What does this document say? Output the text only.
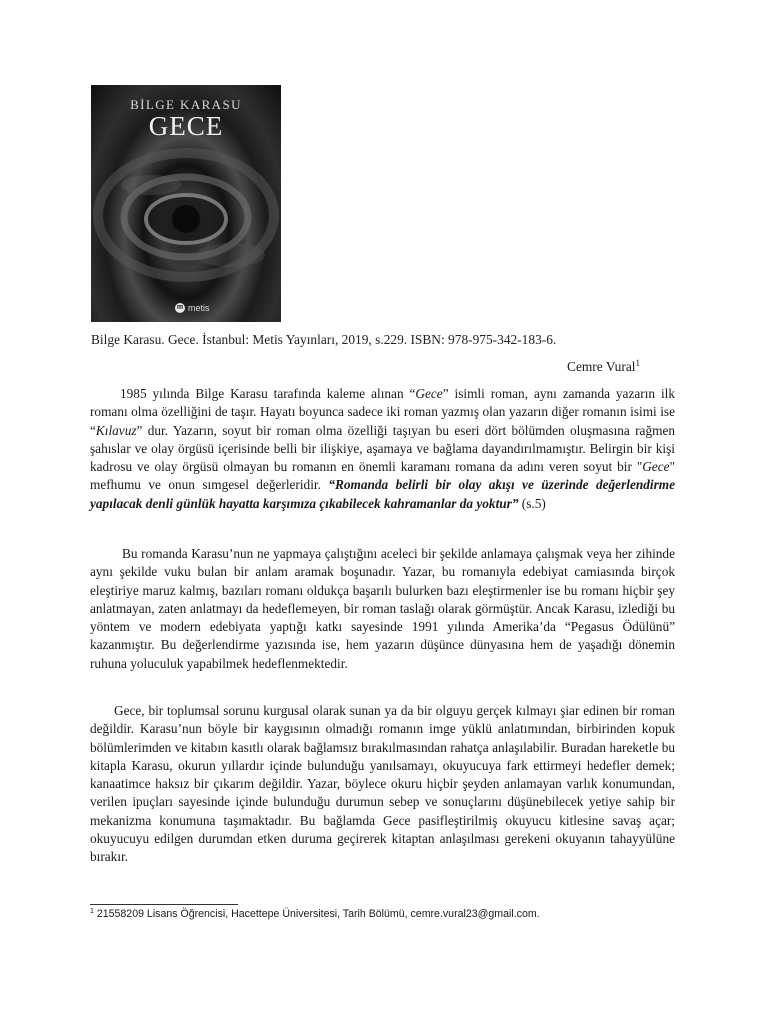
BİLGE KARASU
GECE
m metis
Bilge Karasu. Gece. İstanbul: Metis Yayınları, 2019, s.229. ISBN: 978-975-342-183-6.
Cemre Vural$^1$

1985 yılında Bilge Karasu tarafında kaleme alınan “Gece” isimli roman, aynı zamanda yazarın ilk romanı olma özelliğini de taşır. Hayatı boyunca sadece iki roman yazmış olan yazarın diğer romanın isimi ise “Kılavuz” dur. Yazarın, soyut bir roman olma özelliği taşıyan bu eseri dört bölümden oluşmasına rağmen şahıslar ve olay örgüsü içerisinde belli bir ilişkiye, aşamaya ve bağlama dayandırılmamıştır. Belirgin bir kişi kadrosu ve olay örgüsü olmayan bu romanın en önemli karamanı romana da adını veren soyut bir "Gece" mefhumu ve onun sımgesel değerleridir. “Romanda belirli bir olay akışı ve üzerinde değerlendirme yapılacak denli günlük hayatta karşımıza çıkabilecek kahramanlar da yoktur” (s.5)

Bu romanda Karasu’nun ne yapmaya çalıştığını aceleci bir şekilde anlamaya çalışmak veya her zihinde aynı şekilde vuku bulan bir anlam aramak boşunadır. Yazar, bu romanıyla edebiyat camiasında birçok eleştiriye maruz kalmış, bazıları romanı oldukça başarılı bulurken bazı eleştirmenler ise bu romanı hiçbir şey anlatmayan, zaten anlatmayı da hedeflemeyen, bir roman taslağı olarak görmüştür. Ancak Karasu, izlediği bu yöntem ve modern edebiyata yaptığı katkı sayesinde 1991 yılında Amerika’da “Pegasus Ödülünü” kazanmıştır. Bu değerlendirme yazısında ise, hem yazarın düşünce dünyasına hem de yaşadığı dönemin ruhuna yoluculuk yapabilmek hedeflenmektedir.

Gece, bir toplumsal sorunu kurgusal olarak sunan ya da bir olguyu gerçek kılmayı şiar edinen bir roman değildir. Karasu’nun böyle bir kaygısının olmadığı romanın imge yüklü anlatımından, birbirinden kopuk bölümlerimden ve kitabın kasıtlı olarak bağlamsız bırakılmasından rahatça anlaşılabilir. Buradan hareketle bu kitapla Karasu, okurun yıllardır içinde bulunduğu yanılsamayı, okuyucuya fark ettirmeyi hedefler demek; kanaatimce haksız bir çıkarım değildir. Yazar, böylece okuru hiçbir şeyden anlamayan varlık konumundan, verilen ipuçları sayesinde içinde bulunduğu durumun sebep ve sonuçlarını düşünebilecek yetiye sahip bir mekanizma konumuna taşımaktadır. Bu bağlamda Gece pasifleştirilmiş okuyucu kitlesine savaş açar; okuyucuyu edilgen durumdan etken duruma geçirerek kitaptan anlaşılması gerekeni okuyanın tahayyülüne bırakır.

$^1$ 21558209 Lisans Öğrencisi, Hacettepe Üniversitesi, Tarih Bölümü, cemre.vural23@gmail.com.
